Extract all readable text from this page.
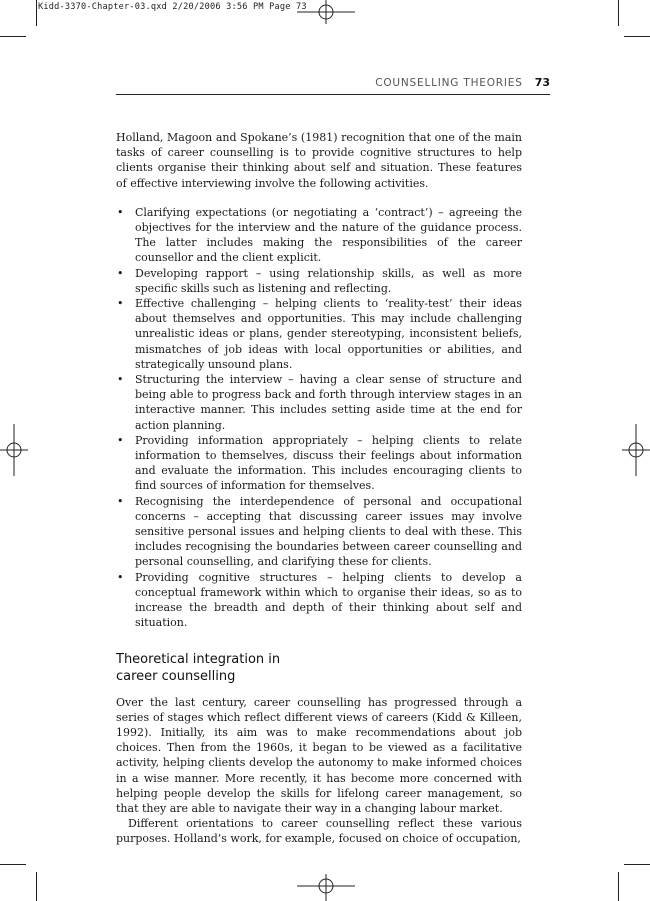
Kidd-3370-Chapter-03.qxd 2/20/2006 3:56 PM Page 73
COUNSELLING THEORIES 73

Holland, Magoon and Spokane’s (1981) recognition that one of the main tasks of career counselling is to provide cognitive structures to help clients organise their thinking about self and situation. These features of effective interviewing involve the following activities.

• Clarifying expectations (or negotiating a ‘contract’) – agreeing the objectives for the interview and the nature of the guidance process. The latter includes making the responsibilities of the career counsellor and the client explicit.
• Developing rapport – using relationship skills, as well as more specific skills such as listening and reflecting.
• Effective challenging – helping clients to ‘reality-test’ their ideas about themselves and opportunities. This may include challenging unrealistic ideas or plans, gender stereotyping, inconsistent beliefs, mismatches of job ideas with local opportunities or abilities, and strategically unsound plans.
• Structuring the interview – having a clear sense of structure and being able to progress back and forth through interview stages in an interactive manner. This includes setting aside time at the end for action planning.
• Providing information appropriately – helping clients to relate information to themselves, discuss their feelings about information and evaluate the information. This includes encouraging clients to find sources of information for themselves.
• Recognising the interdependence of personal and occupational concerns – accepting that discussing career issues may involve sensitive personal issues and helping clients to deal with these. This includes recognising the boundaries between career counselling and personal counselling, and clarifying these for clients.
• Providing cognitive structures – helping clients to develop a conceptual framework within which to organise their ideas, so as to increase the breadth and depth of their thinking about self and situation.
Theoretical integration in
career counselling

Over the last century, career counselling has progressed through a series of stages which reflect different views of careers (Kidd & Killeen, 1992). Initially, its aim was to make recommendations about job choices. Then from the 1960s, it began to be viewed as a facilitative activity, helping clients develop the autonomy to make informed choices in a wise manner. More recently, it has become more concerned with helping people develop the skills for lifelong career management, so that they are able to navigate their way in a changing labour market.

Different orientations to career counselling reflect these various purposes. Holland’s work, for example, focused on choice of occupation,
